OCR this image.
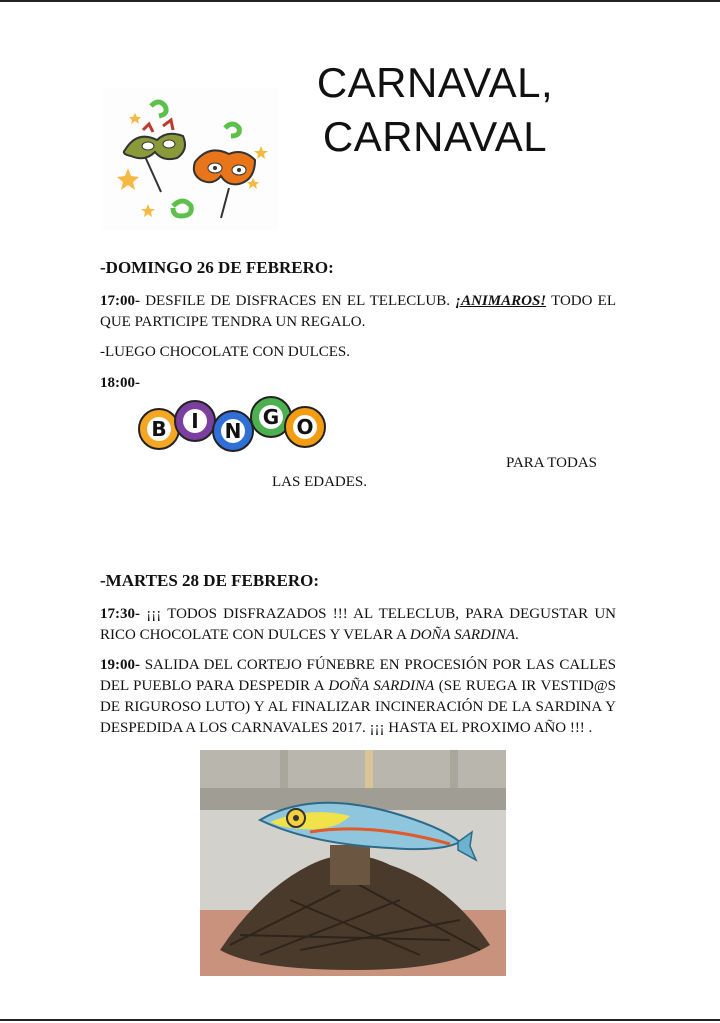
CARNAVAL,
CARNAVAL
-DOMINGO 26 DE FEBRERO:
17:00- DESFILE DE DISFRACES EN EL TELECLUB. ¡ANIMAROS! TODO EL QUE PARTICIPE TENDRA UN REGALO.
-LUEGO CHOCOLATE CON DULCES.
18:00-
B I N
G O
PARA TODAS
LAS EDADES.
-MARTES 28 DE FEBRERO:
17:30- ¡¡¡ TODOS DISFRAZADOS !!! AL TELECLUB, PARA DEGUSTAR UN RICO CHOCOLATE CON DULCES Y VELAR A DOÑA SARDINA.
19:00- SALIDA DEL CORTEJO FÚNEBRE EN PROCESIÓN POR LAS CALLES DEL PUEBLO PARA DESPEDIR A DOÑA SARDINA (SE RUEGA IR VESTID@S DE RIGUROSO LUTO) Y AL FINALIZAR INCINERACIÓN DE LA SARDINA Y DESPEDIDA A LOS CARNAVALES 2017. ¡¡¡ HASTA EL PROXIMO AÑO !!! .
